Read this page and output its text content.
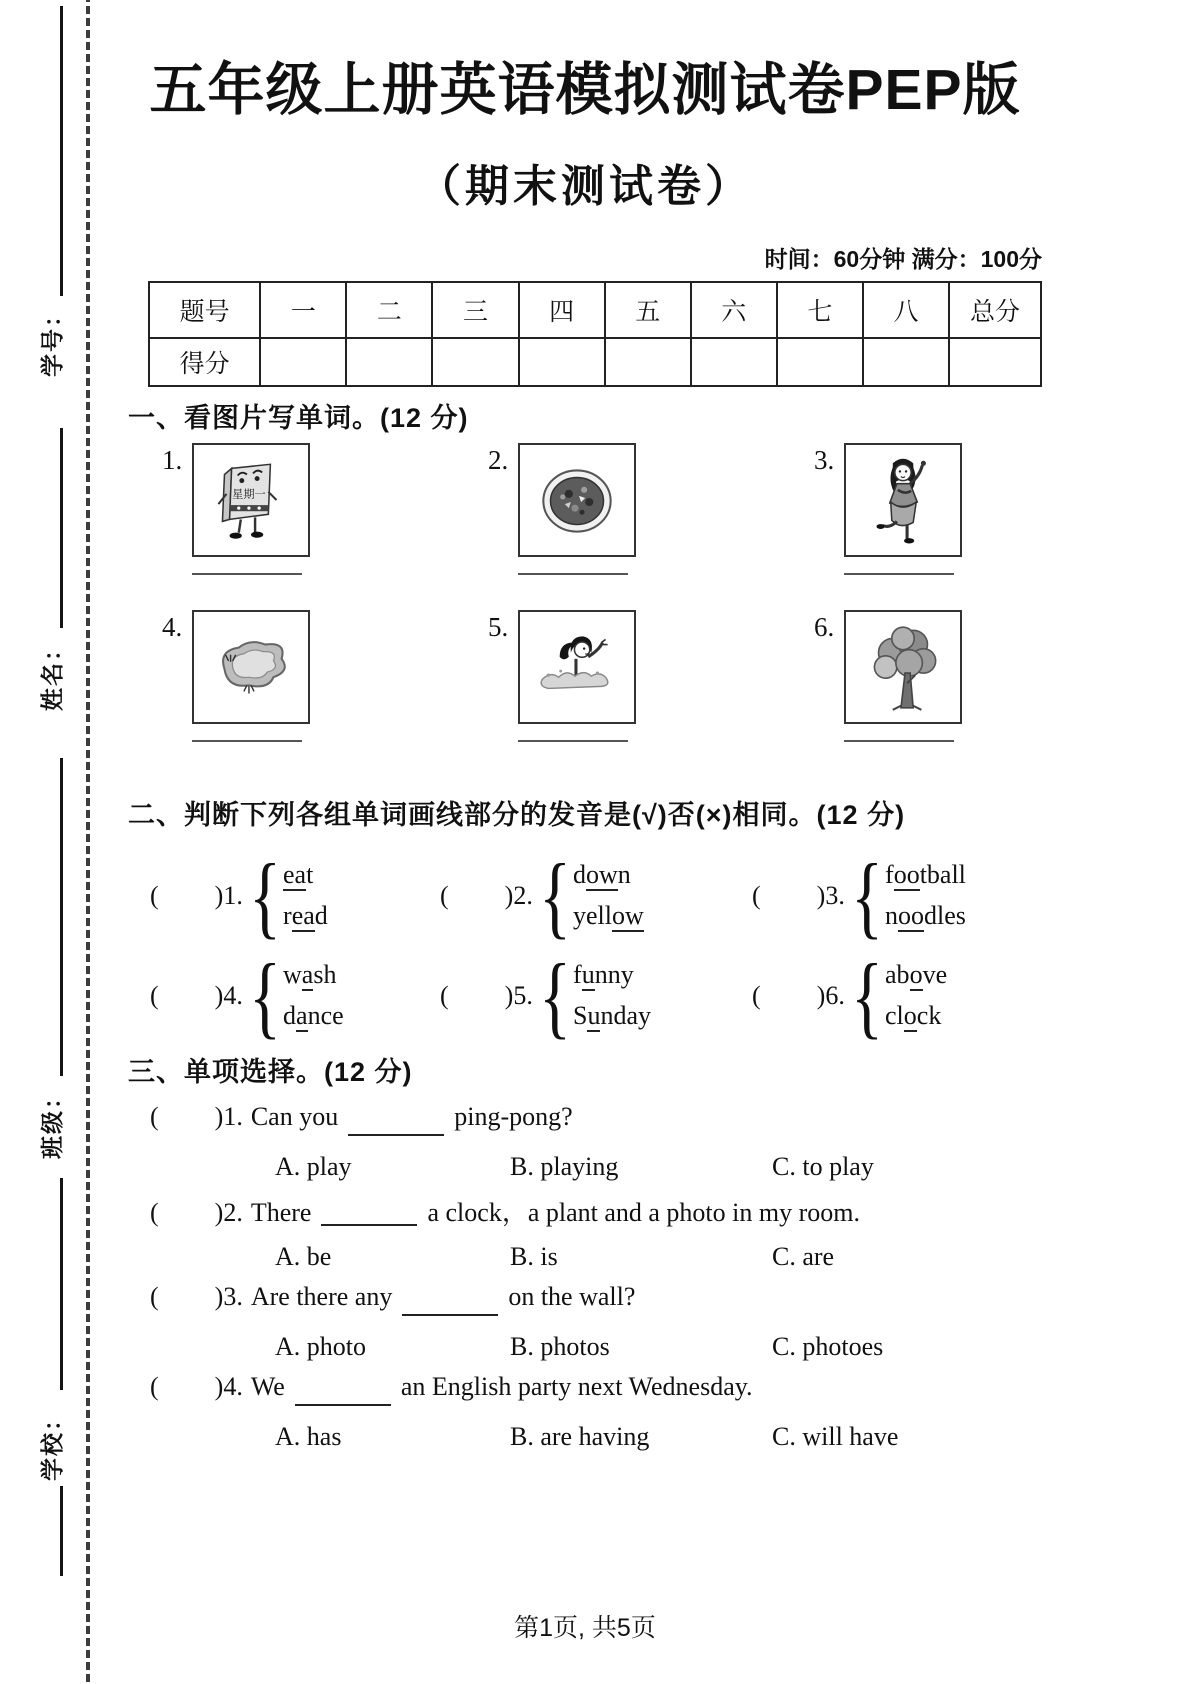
学号：
姓名：
班级：
学校：
五年级上册英语模拟测试卷PEP版
（期末测试卷）
时间：60分钟 满分：100分
题号	一	二	三	四	五	六	七	八	总分
得分									
一、看图片写单词。(12 分)
1.
星期一
2.	3.
4.	5.	6.
二、判断下列各组单词画线部分的发音是(√)否(×)相同。(12 分)
( )1. { eat
read
( )2. { down
yellow
( )3. { football
noodles
( )4. { wash
dance
( )5. { funny
Sunday
( )6. { above
clock
三、单项选择。(12 分)
( )1. Can you	ping-pong?
A. play	B. playing	C. to play
( )2. There	a clock，a plant and a photo in my room.
A. be	B. is	C. are
( )3. Are there any	on the wall?
A. photo	B. photos	C. photoes
( )4. We	an English party next Wednesday.
A. has	B. are having	C. will have
第1页, 共5页
